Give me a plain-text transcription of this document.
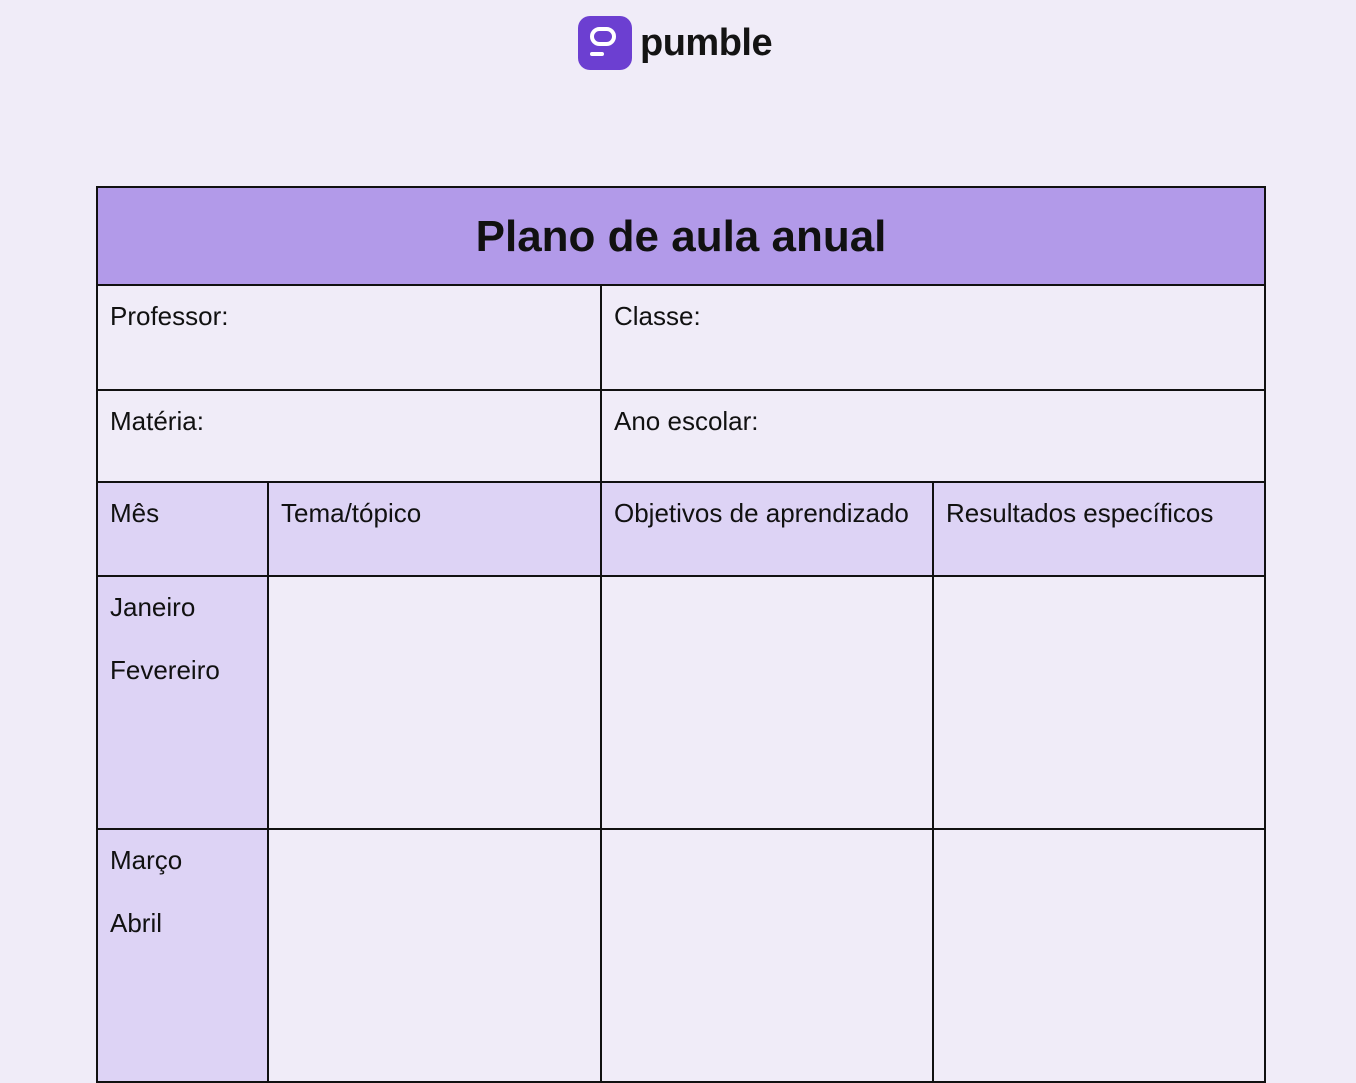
pumble
Plano de aula anual			
Professor:		Classe:	
Matéria:		Ano escolar:	
Mês	Tema/tópico	Objetivos de aprendizado	Resultados específicos

Janeiro
Fevereiro			

Março
Abril			
